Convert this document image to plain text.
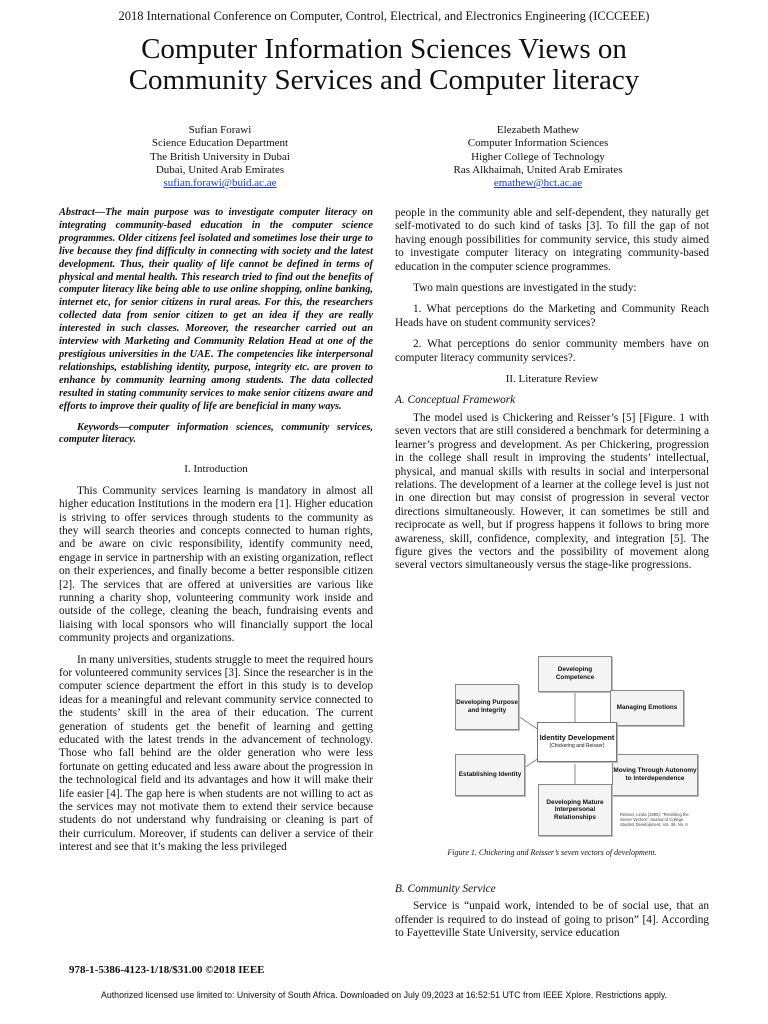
2018 International Conference on Computer, Control, Electrical, and Electronics Engineering (ICCCEEE)
Computer Information Sciences Views on
Community Services and Computer literacy
Sufian Forawi
Science Education Department
The British University in Dubai
Dubai, United Arab Emirates
sufian.forawi@buid.ac.ae
Elezabeth Mathew
Computer Information Sciences
Higher College of Technology
Ras Alkhaimah, United Arab Emirates
emathew@hct.ac.ae

Abstract—The main purpose was to investigate computer literacy on integrating community-based education in the computer science programmes. Older citizens feel isolated and sometimes lose their urge to live because they find difficulty in connecting with society and the latest development. Thus, their quality of life cannot be defined in terms of physical and mental health. This research tried to find out the benefits of computer literacy like being able to use online shopping, online banking, internet etc, for senior citizens in rural areas. For this, the researchers collected data from senior citizen to get an idea if they are really interested in such classes. Moreover, the researcher carried out an interview with Marketing and Community Relation Head at one of the prestigious universities in the UAE. The competencies like interpersonal relationships, establishing identity, purpose, integrity etc. are proven to enhance by community learning among students. The data collected resulted in stating community services to make senior citizens aware and efforts to improve their quality of life are beneficial in many ways.

Keywords—computer information sciences, community services, computer literacy.

I. Introduction

This Community services learning is mandatory in almost all higher education Institutions in the modern era [1]. Higher education is striving to offer services through students to the community as they will search theories and concepts connected to human rights, and be aware on civic responsibility, identify community need, engage in service in partnership with an existing organization, reflect on their experiences, and finally become a better responsible citizen [2]. The services that are offered at universities are various like running a charity shop, volunteering community work inside and outside of the college, cleaning the beach, fundraising events and liaising with local sponsors who will financially support the local community projects and organizations.

In many universities, students struggle to meet the required hours for volunteered community services [3]. Since the researcher is in the computer science department the effort in this study is to develop ideas for a meaningful and relevant community service connected to the students’ skill in the area of their education. The current generation of students get the benefit of learning and getting educated with the latest trends in the advancement of technology. Those who fall behind are the older generation who were less fortunate on getting educated and less aware about the progression in the technological field and its advantages and how it will make their life easier [4]. The gap here is when students are not willing to act as the services may not motivate them to extend their service because students do not understand why fundraising or cleaning is part of their curriculum. Moreover, if students can deliver a service of their interest and see that it’s making the less privileged

people in the community able and self-dependent, they naturally get self-motivated to do such kind of tasks [3]. To fill the gap of not having enough possibilities for community service, this study aimed to investigate computer literacy on integrating community-based education in the computer science programmes.

Two main questions are investigated in the study:

1. What perceptions do the Marketing and Community Reach Heads have on student community services?

2. What perceptions do senior community members have on computer literacy community services?.

II. Literature Review
A. Conceptual Framework

The model used is Chickering and Reisser’s [5] [Figure. 1 with seven vectors that are still considered a benchmark for determining a learner’s progress and development. As per Chickering, progression in the college shall result in improving the students’ intellectual, physical, and manual skills with results in social and interpersonal relations. The development of a learner at the college level is just not in one direction but may consist of progression in several vector directions simultaneously. However, it can sometimes be still and reciprocate as well, but if progress happens it follows to bring more awareness, skill, confidence, complexity, and integration [5]. The figure gives the vectors and the possibility of movement along several vectors simultaneously versus the stage-like progressions.

Developing Competence
Managing Emotions
Moving Through Autonomy to Interdependence
Developing Mature Interpersonal Relationships
Establishing Identity
Developing Purpose and Integrity
Identity Development
(Chickering and Reisser)
Reisser, Linda (1995). "Revisiting the Seven Vectors" Journal of College Student Development, Vol. 36, No. 6
Figure 1. Chickering and Reisser’s seven vectors of development.
B. Community Service

Service is “unpaid work, intended to be of social use, that an offender is required to do instead of going to prison” [4]. According to Fayetteville State University, service education

978-1-5386-4123-1/18/$31.00 ©2018 IEEE
Authorized licensed use limited to: University of South Africa. Downloaded on July 09,2023 at 16:52:51 UTC from IEEE Xplore. Restrictions apply.
